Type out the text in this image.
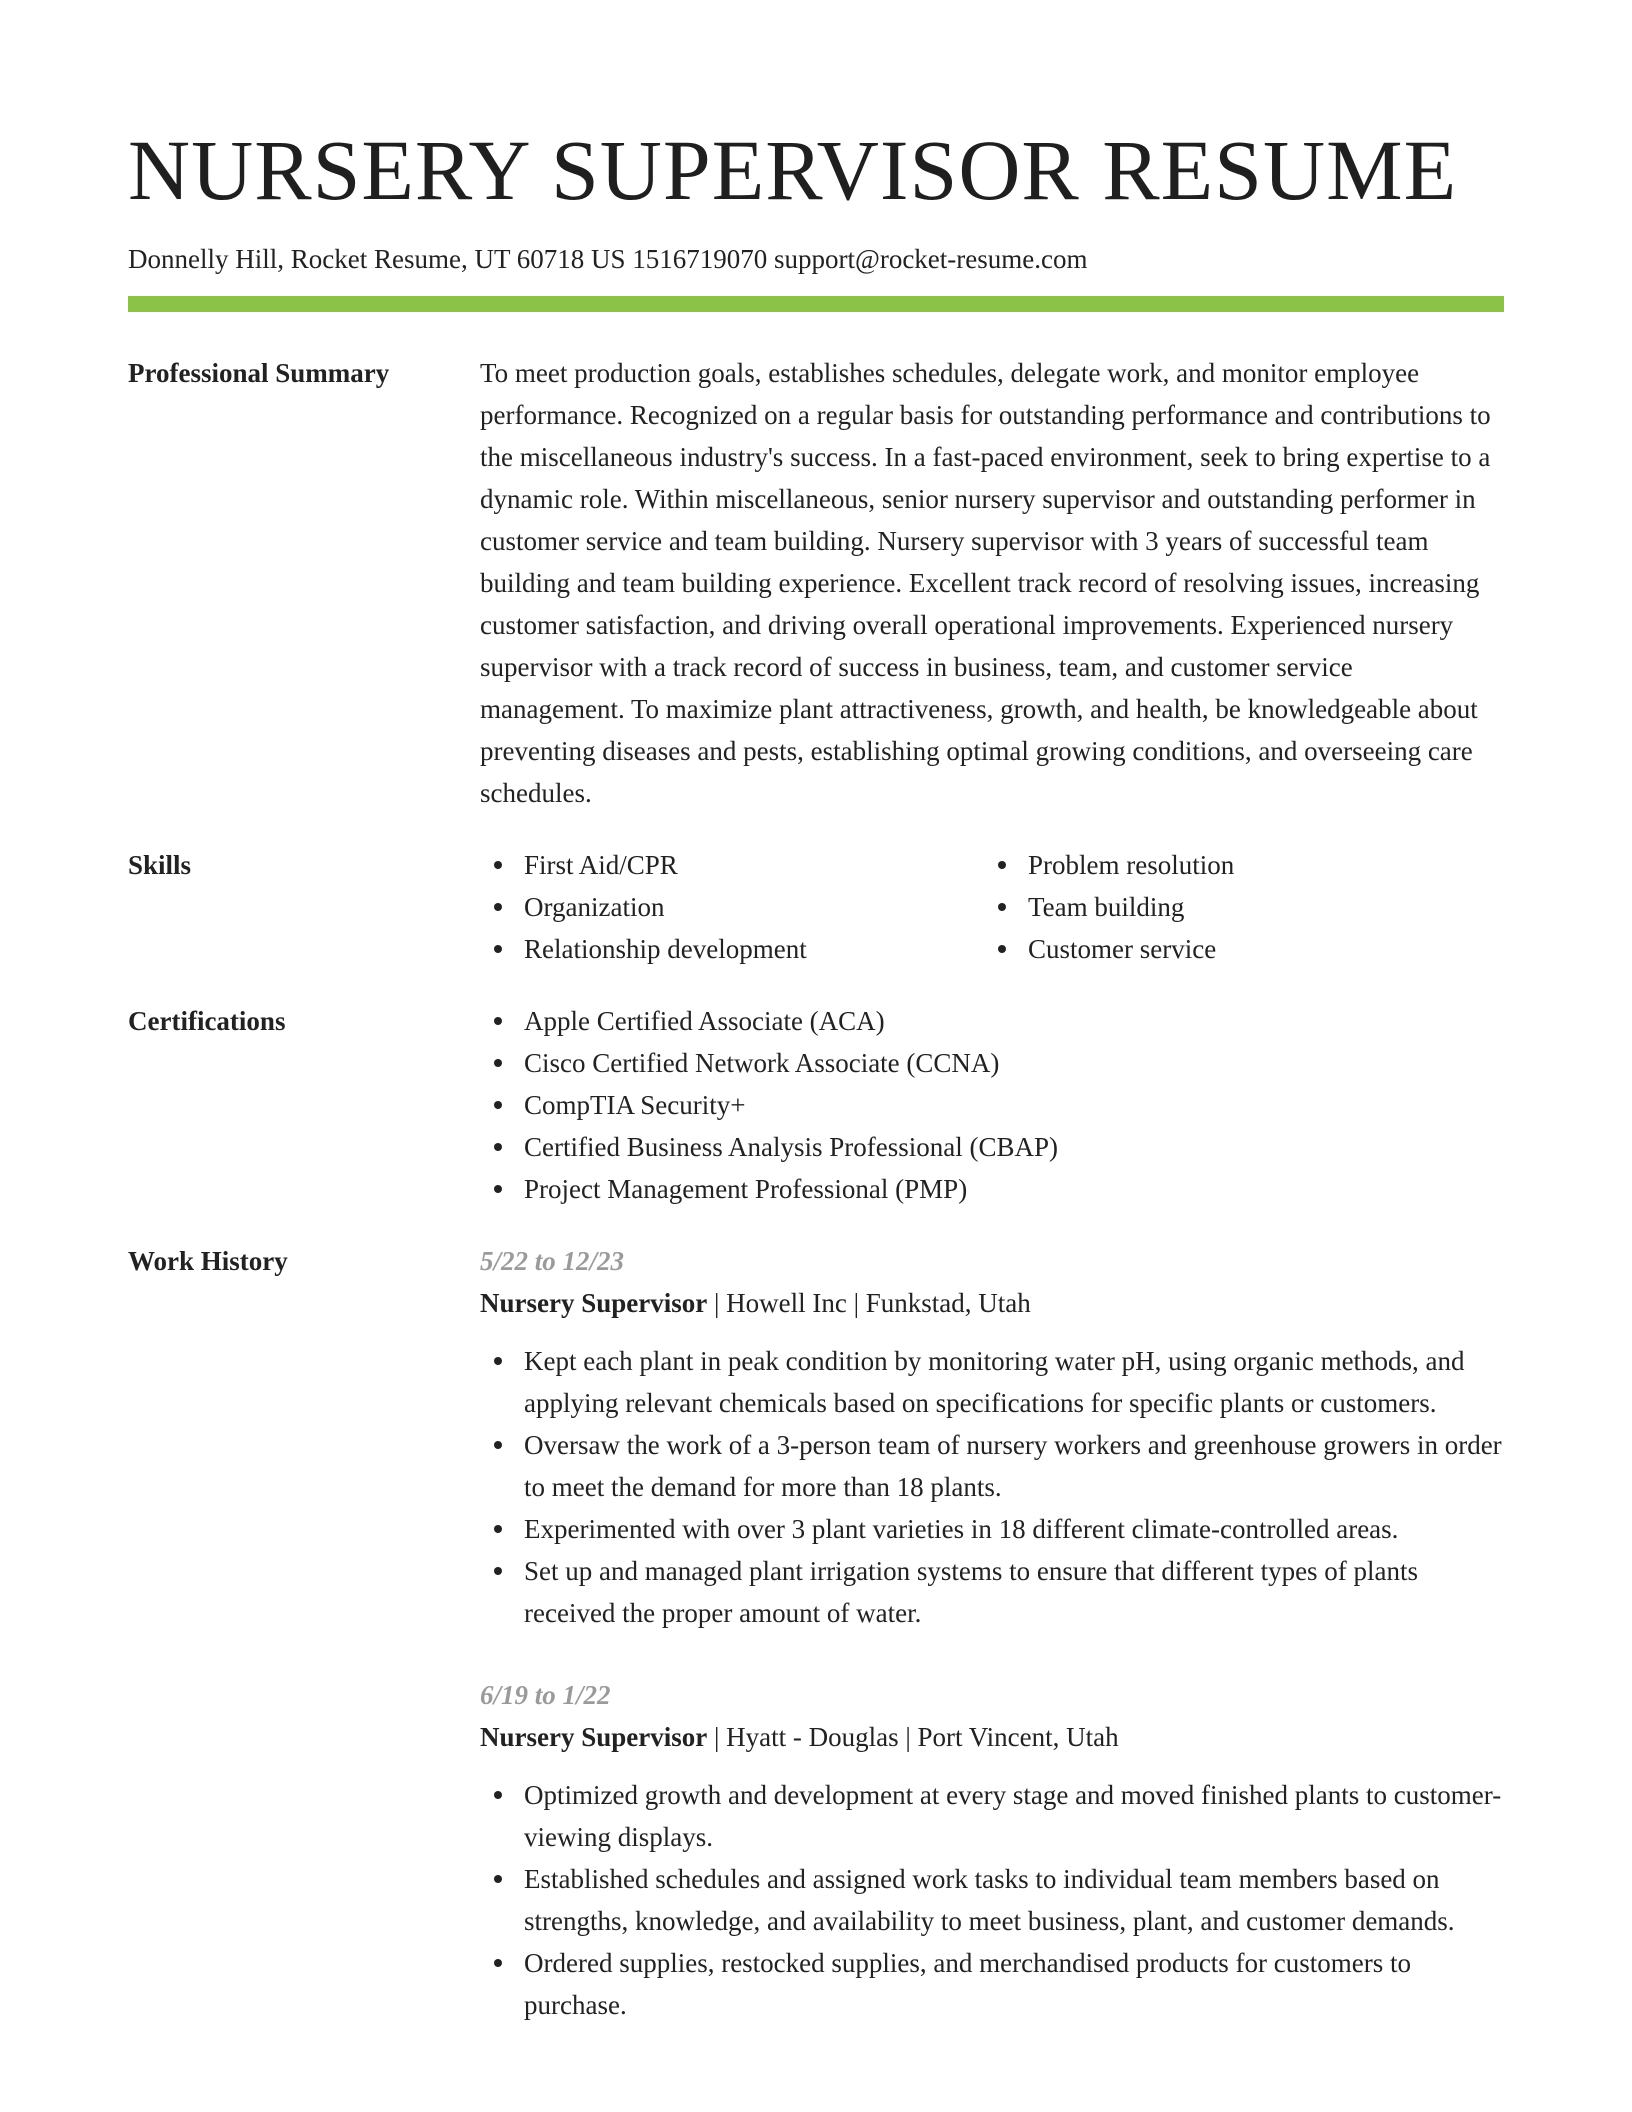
NURSERY SUPERVISOR RESUME
Donnelly Hill, Rocket Resume, UT 60718 US 1516719070 support@rocket-resume.com
Professional Summary	To meet production goals, establishes schedules, delegate work, and monitor employee performance. Recognized on a regular basis for outstanding performance and contributions to the miscellaneous industry's success. In a fast-paced environment, seek to bring expertise to a dynamic role. Within miscellaneous, senior nursery supervisor and outstanding performer in customer service and team building. Nursery supervisor with 3 years of successful team building and team building experience. Excellent track record of resolving issues, increasing customer satisfaction, and driving overall operational improvements. Experienced nursery supervisor with a track record of success in business, team, and customer service management. To maximize plant attractiveness, growth, and health, be knowledgeable about preventing diseases and pests, establishing optimal growing conditions, and overseeing care schedules.
Skills	First Aid/CPR
Organization
Relationship development
Problem resolution
Team building
Customer service
Certifications	Apple Certified Associate (ACA)
Cisco Certified Network Associate (CCNA)
CompTIA Security+
Certified Business Analysis Professional (CBAP)
Project Management Professional (PMP)
Work History	5/22 to 12/23
Nursery Supervisor | Howell Inc | Funkstad, Utah
Kept each plant in peak condition by monitoring water pH, using organic methods, and applying relevant chemicals based on specifications for specific plants or customers.
Oversaw the work of a 3-person team of nursery workers and greenhouse growers in order to meet the demand for more than 18 plants.
Experimented with over 3 plant varieties in 18 different climate-controlled areas.
Set up and managed plant irrigation systems to ensure that different types of plants received the proper amount of water.
6/19 to 1/22
Nursery Supervisor | Hyatt - Douglas | Port Vincent, Utah
Optimized growth and development at every stage and moved finished plants to customer-viewing displays.
Established schedules and assigned work tasks to individual team members based on strengths, knowledge, and availability to meet business, plant, and customer demands.
Ordered supplies, restocked supplies, and merchandised products for customers to purchase.
